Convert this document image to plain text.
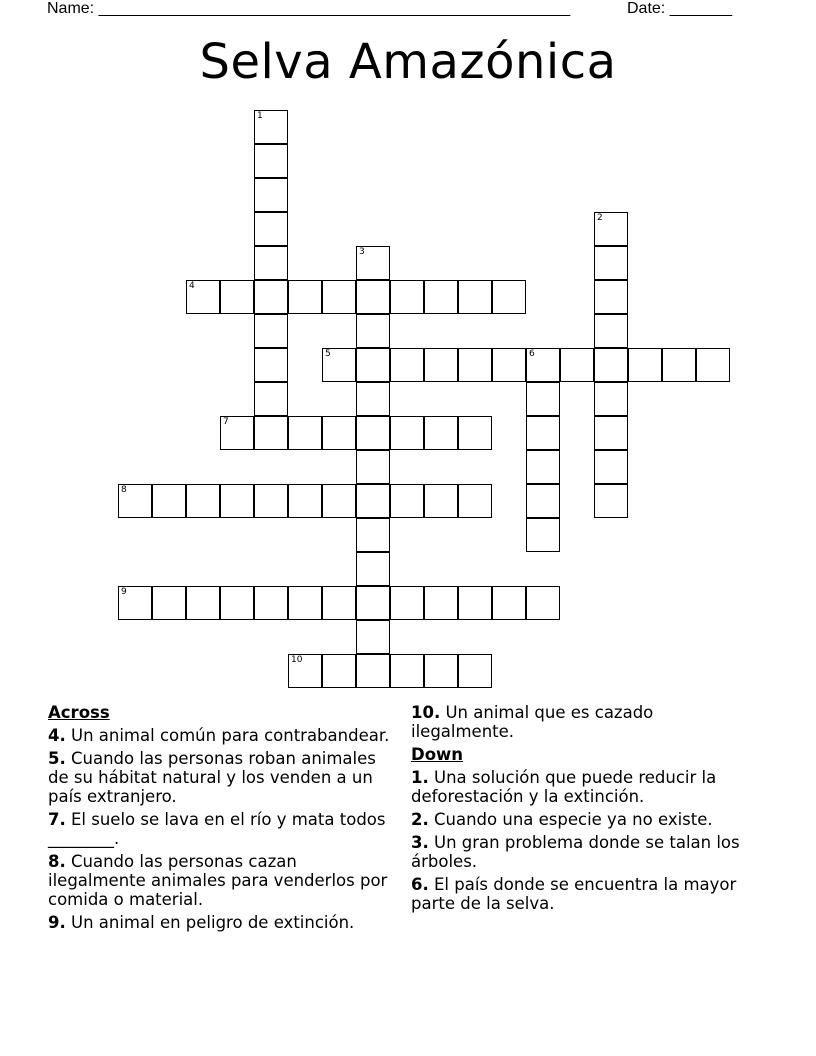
Name: _____________________________________________________	Date: _______
Selva Amazónica
1
2
3
4
5	6
7
8
9
10
Across
4. Un animal común para contrabandear.
5. Cuando las personas roban animales de su hábitat natural y los venden a un país extranjero.
7. El suelo se lava en el río y mata todos ________.
8. Cuando las personas cazan ilegalmente animales para venderlos por comida o material.
9. Un animal en peligro de extinción.
10. Un animal que es cazado ilegalmente.
Down
1. Una solución que puede reducir la deforestación y la extinción.
2. Cuando una especie ya no existe.
3. Un gran problema donde se talan los árboles.
6. El país donde se encuentra la mayor parte de la selva.
